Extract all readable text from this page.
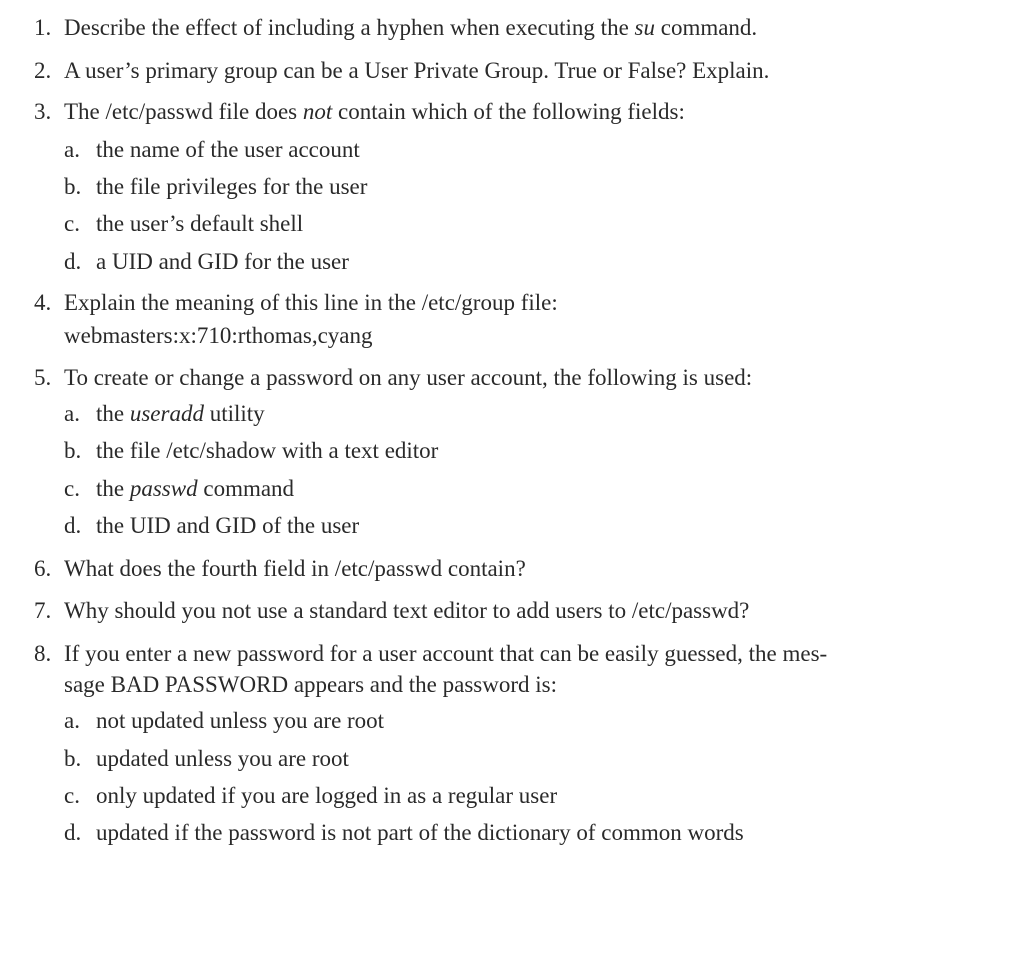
1. Describe the effect of including a hyphen when executing the su command.
2. A user’s primary group can be a User Private Group. True or False? Explain.
3. The /etc/passwd file does not contain which of the following fields:
a. the name of the user account
b. the file privileges for the user
c. the user’s default shell
d. a UID and GID for the user
4. Explain the meaning of this line in the /etc/group file:
webmasters:x:710:rthomas,cyang
5. To create or change a password on any user account, the following is used:
a. the useradd utility
b. the file /etc/shadow with a text editor
c. the passwd command
d. the UID and GID of the user
6. What does the fourth field in /etc/passwd contain?
7. Why should you not use a standard text editor to add users to /etc/passwd?
8. If you enter a new password for a user account that can be easily guessed, the mes-
sage BAD PASSWORD appears and the password is:
a. not updated unless you are root
b. updated unless you are root
c. only updated if you are logged in as a regular user
d. updated if the password is not part of the dictionary of common words
